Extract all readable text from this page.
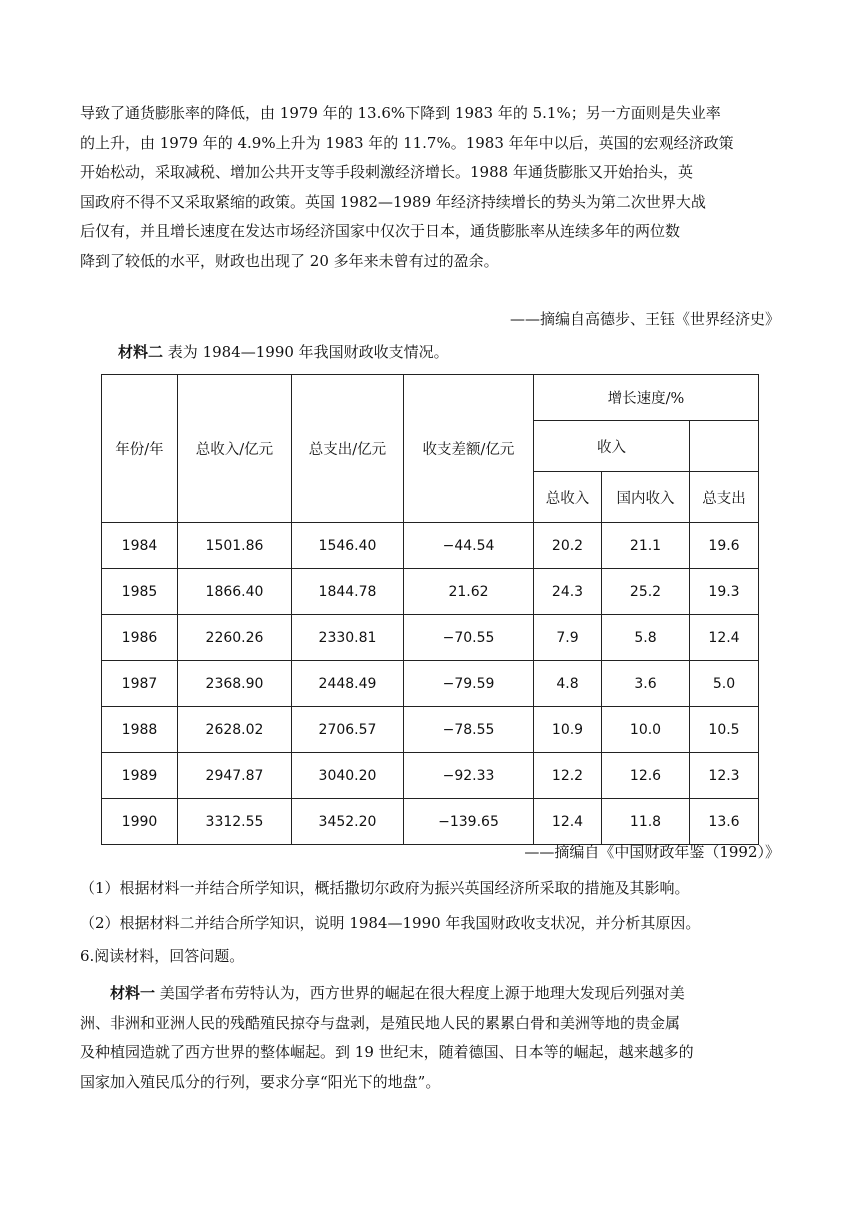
导致了通货膨胀率的降低，由 1979 年的 13.6%下降到 1983 年的 5.1%；另一方面则是失业率
的上升，由 1979 年的 4.9%上升为 1983 年的 11.7%。1983 年年中以后，英国的宏观经济政策
开始松动，采取减税、增加公共开支等手段刺激经济增长。1988 年通货膨胀又开始抬头，英
国政府不得不又采取紧缩的政策。英国 1982—1989 年经济持续增长的势头为第二次世界大战
后仅有，并且增长速度在发达市场经济国家中仅次于日本，通货膨胀率从连续多年的两位数
降到了较低的水平，财政也出现了 20 多年来未曾有过的盈余。
——摘编自高德步、王钰《世界经济史》
材料二 表为 1984—1990 年我国财政收支情况。
年份/年	总收入/亿元	总支出/亿元	收支差额/亿元	增长速度/%		
				收入		
				总收入	国内收入	总支出
1984	1501.86	1546.40	−44.54	20.2	21.1	19.6
1985	1866.40	1844.78	21.62	24.3	25.2	19.3
1986	2260.26	2330.81	−70.55	7.9	5.8	12.4
1987	2368.90	2448.49	−79.59	4.8	3.6	5.0
1988	2628.02	2706.57	−78.55	10.9	10.0	10.5
1989	2947.87	3040.20	−92.33	12.2	12.6	12.3
1990	3312.55	3452.20	−139.65	12.4	11.8	13.6
——摘编自《中国财政年鉴（1992）》
（1）根据材料一并结合所学知识，概括撒切尔政府为振兴英国经济所采取的措施及其影响。
（2）根据材料二并结合所学知识，说明 1984—1990 年我国财政收支状况，并分析其原因。
6.阅读材料，回答问题。
材料一 美国学者布劳特认为，西方世界的崛起在很大程度上源于地理大发现后列强对美
洲、非洲和亚洲人民的残酷殖民掠夺与盘剥，是殖民地人民的累累白骨和美洲等地的贵金属
及种植园造就了西方世界的整体崛起。到 19 世纪末，随着德国、日本等的崛起，越来越多的
国家加入殖民瓜分的行列，要求分享“阳光下的地盘”。
